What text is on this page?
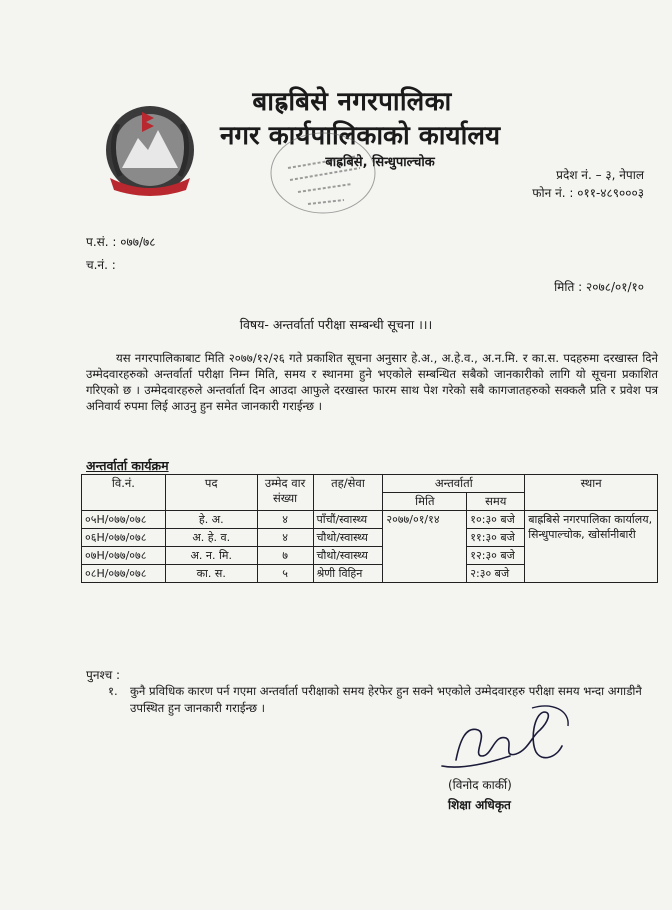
बाह्रबिसे नगरपालिका
नगर कार्यपालिकाको कार्यालय
बाह्रबिसे, सिन्धुपाल्चोक
प्रदेश नं. – ३, नेपाल
फोन नं. : ०११-४८९०००३
प.सं. : ०७७/७८
च.नं. :
मिति : २०७८/०१/१०
विषय- अन्तर्वार्ता परीक्षा सम्बन्धी सूचना ।।।

यस नगरपालिकाबाट मिति २०७७/१२/२६ गते प्रकाशित सूचना अनुसार हे.अ., अ.हे.व., अ.न.मि. र का.स. पदहरुमा दरखास्त दिने उम्मेदवारहरुको अन्तर्वार्ता परीक्षा निम्न मिति, समय र स्थानमा हुने भएकोले सम्बन्धित सबैको जानकारीको लागि यो सूचना प्रकाशित गरिएको छ । उम्मेदवारहरुले अन्तर्वार्ता दिन आउदा आफुले दरखास्त फारम साथ पेश गरेको सबै कागजातहरुको सक्कलै प्रति र प्रवेश पत्र अनिवार्य रुपमा लिई आउनु हुन समेत जानकारी गराईन्छ ।

अन्तर्वार्ता कार्यक्रम
वि.नं.	पद	उम्मेद वार संख्या	तह/सेवा	अन्तर्वार्ता		स्थान
				मिति	समय	
०५H/०७७/०७८	हे. अ.	४	पाँचौं/स्वास्थ्य	२०७७/०१/१४	१०:३० बजे	बाह्रबिसे नगरपालिका कार्यालय, सिन्धुपाल्चोक, खोर्सानीबारी
०६H/०७७/०७८	अ. हे. व.	४	चौथो/स्वास्थ्य		११:३० बजे	
०७H/०७७/०७८	अ. न. मि.	७	चौथो/स्वास्थ्य		१२:३० बजे	
०८H/०७७/०७८	का. स.	५	श्रेणी विहिन		२:३० बजे	
पुनश्च :
१. कुनै प्रविधिक कारण पर्न गएमा अन्तर्वार्ता परीक्षाको समय हेरफेर हुन सक्ने भएकोले उम्मेदवारहरु परीक्षा समय भन्दा अगाडीनै उपस्थित हुन जानकारी गराईन्छ ।
(विनोद कार्की)
शिक्षा अधिकृत
